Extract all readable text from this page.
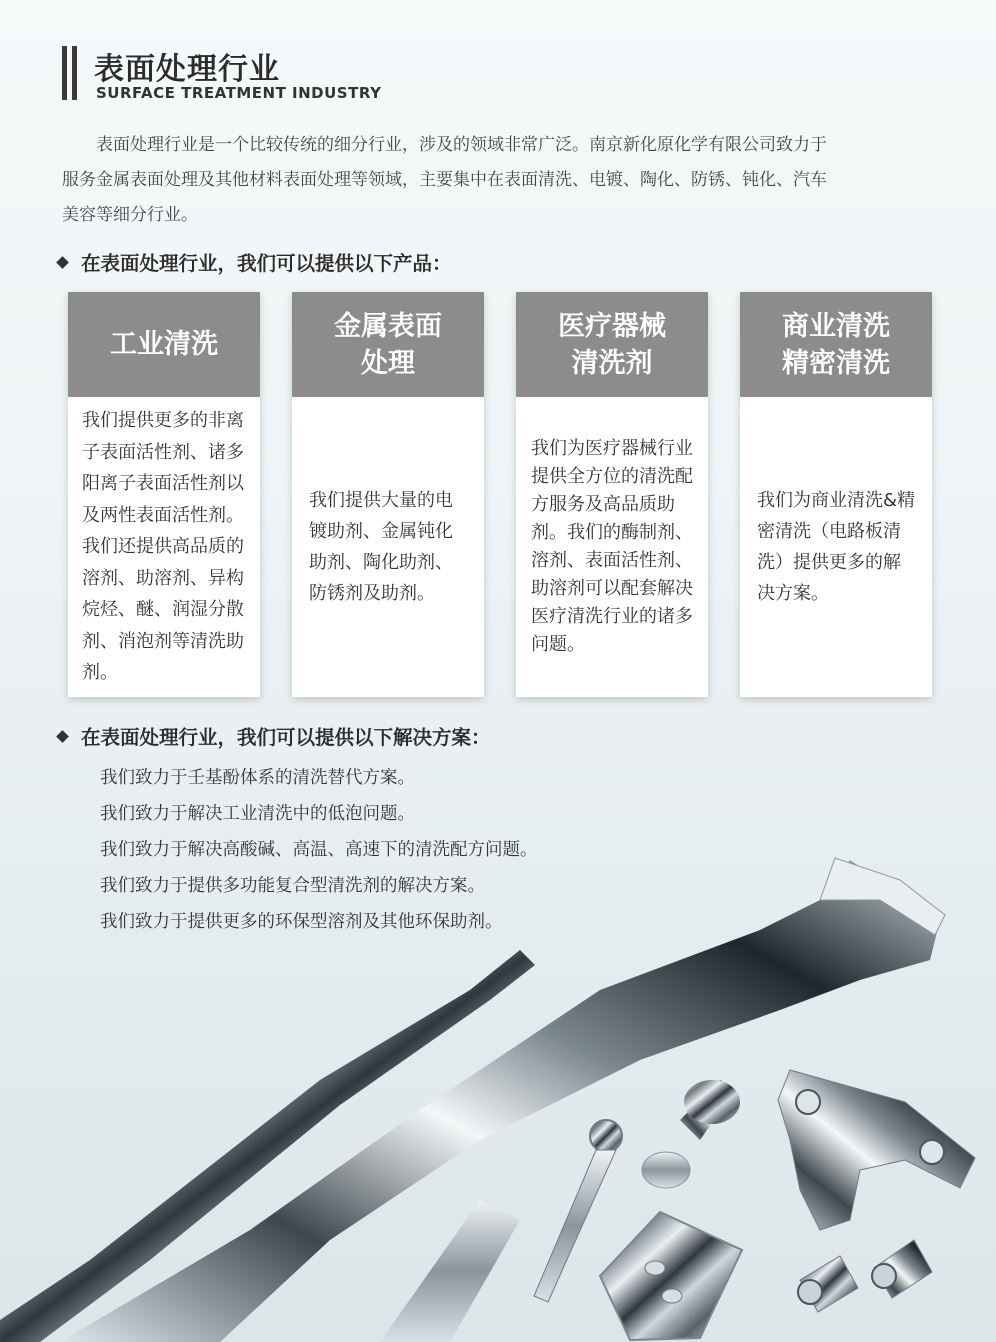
表面处理行业
SURFACE TREATMENT INDUSTRY
表面处理行业是一个比较传统的细分行业，涉及的领域非常广泛。南京新化原化学有限公司致力于
服务金属表面处理及其他材料表面处理等领域，主要集中在表面清洗、电镀、陶化、防锈、钝化、汽车
美容等细分行业。
在表面处理行业，我们可以提供以下产品：
工业清洗
我们提供更多的非离子表面活性剂、诸多阳离子表面活性剂以及两性表面活性剂。我们还提供高品质的溶剂、助溶剂、异构烷烃、醚、润湿分散剂、消泡剂等清洗助剂。
金属表面
处理
我们提供大量的电镀助剂、金属钝化助剂、陶化助剂、防锈剂及助剂。
医疗器械
清洗剂
我们为医疗器械行业提供全方位的清洗配方服务及高品质助剂。我们的酶制剂、溶剂、表面活性剂、助溶剂可以配套解决医疗清洗行业的诸多问题。
商业清洗
精密清洗
我们为商业清洗&精密清洗（电路板清洗）提供更多的解决方案。
在表面处理行业，我们可以提供以下解决方案：
我们致力于壬基酚体系的清洗替代方案。
我们致力于解决工业清洗中的低泡问题。
我们致力于解决高酸碱、高温、高速下的清洗配方问题。
我们致力于提供多功能复合型清洗剂的解决方案。
我们致力于提供更多的环保型溶剂及其他环保助剂。
